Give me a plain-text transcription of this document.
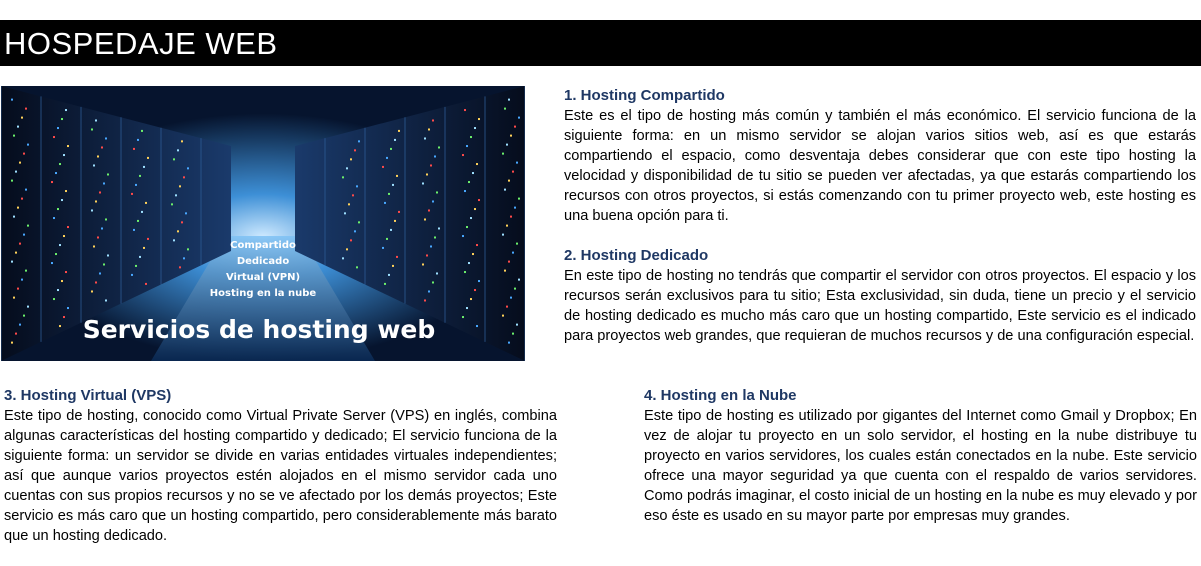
HOSPEDAJE WEB
Compartido
Dedicado
Virtual (VPN)
Hosting en la nube
Servicios de hosting web
1. Hosting Compartido

Este es el tipo de hosting más común y también el más económico. El servicio funciona de la siguiente forma: en un mismo servidor se alojan varios sitios web, así es que estarás compartiendo el espacio, como desventaja debes considerar que con este tipo hosting la velocidad y disponibilidad de tu sitio se pueden ver afectadas, ya que estarás compartiendo los recursos con otros proyectos, si estás comenzando con tu primer proyecto web, este hosting es una buena opción para ti.

2. Hosting Dedicado

En este tipo de hosting no tendrás que compartir el servidor con otros proyectos. El espacio y los recursos serán exclusivos para tu sitio; Esta exclusividad, sin duda, tiene un precio y el servicio de hosting dedicado es mucho más caro que un hosting compartido, Este servicio es el indicado para proyectos web grandes, que requieran de muchos recursos y de una configuración especial.

3. Hosting Virtual (VPS)

Este tipo de hosting, conocido como Virtual Private Server (VPS) en inglés, combina algunas características del hosting compartido y dedicado; El servicio funciona de la siguiente forma: un servidor se divide en varias entidades virtuales independientes; así que aunque varios proyectos estén alojados en el mismo servidor cada uno cuentas con sus propios recursos y no se ve afectado por los demás proyectos; Este servicio es más caro que un hosting compartido, pero considerablemente más barato que un hosting dedicado.

4. Hosting en la Nube

Este tipo de hosting es utilizado por gigantes del Internet como Gmail y Dropbox; En vez de alojar tu proyecto en un solo servidor, el hosting en la nube distribuye tu proyecto en varios servidores, los cuales están conectados en la nube. Este servicio ofrece una mayor seguridad ya que cuenta con el respaldo de varios servidores. Como podrás imaginar, el costo inicial de un hosting en la nube es muy elevado y por eso éste es usado en su mayor parte por empresas muy grandes.
